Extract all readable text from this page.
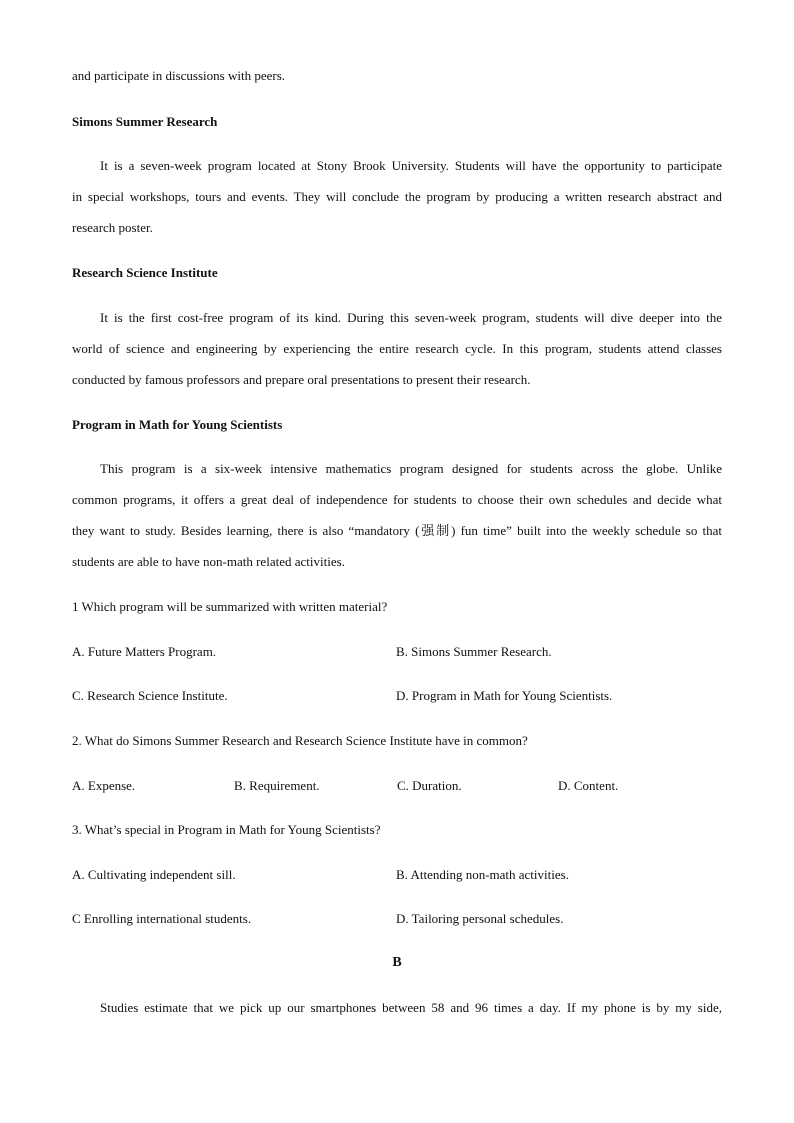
and participate in discussions with peers.
Simons Summer Research
It is a seven-week program located at Stony Brook University. Students will have the opportunity to participate
in special workshops, tours and events. They will conclude the program by producing a written research abstract and
research poster.
Research Science Institute
It is the first cost-free program of its kind. During this seven-week program, students will dive deeper into the
world of science and engineering by experiencing the entire research cycle. In this program, students attend classes
conducted by famous professors and prepare oral presentations to present their research.
Program in Math for Young Scientists
This program is a six-week intensive mathematics program designed for students across the globe. Unlike
common programs, it offers a great deal of independence for students to choose their own schedules and decide what
they want to study. Besides learning, there is also “mandatory (强制) fun time” built into the weekly schedule so that
students are able to have non-math related activities.
1 Which program will be summarized with written material?
A. Future Matters Program.	B. Simons Summer Research.
C. Research Science Institute.	D. Program in Math for Young Scientists.
2. What do Simons Summer Research and Research Science Institute have in common?
A. Expense.	B. Requirement.	C. Duration.	D. Content.
3. What’s special in Program in Math for Young Scientists?
A. Cultivating independent sill.	B. Attending non-math activities.
C Enrolling international students.	D. Tailoring personal schedules.
B
Studies estimate that we pick up our smartphones between 58 and 96 times a day. If my phone is by my side,
